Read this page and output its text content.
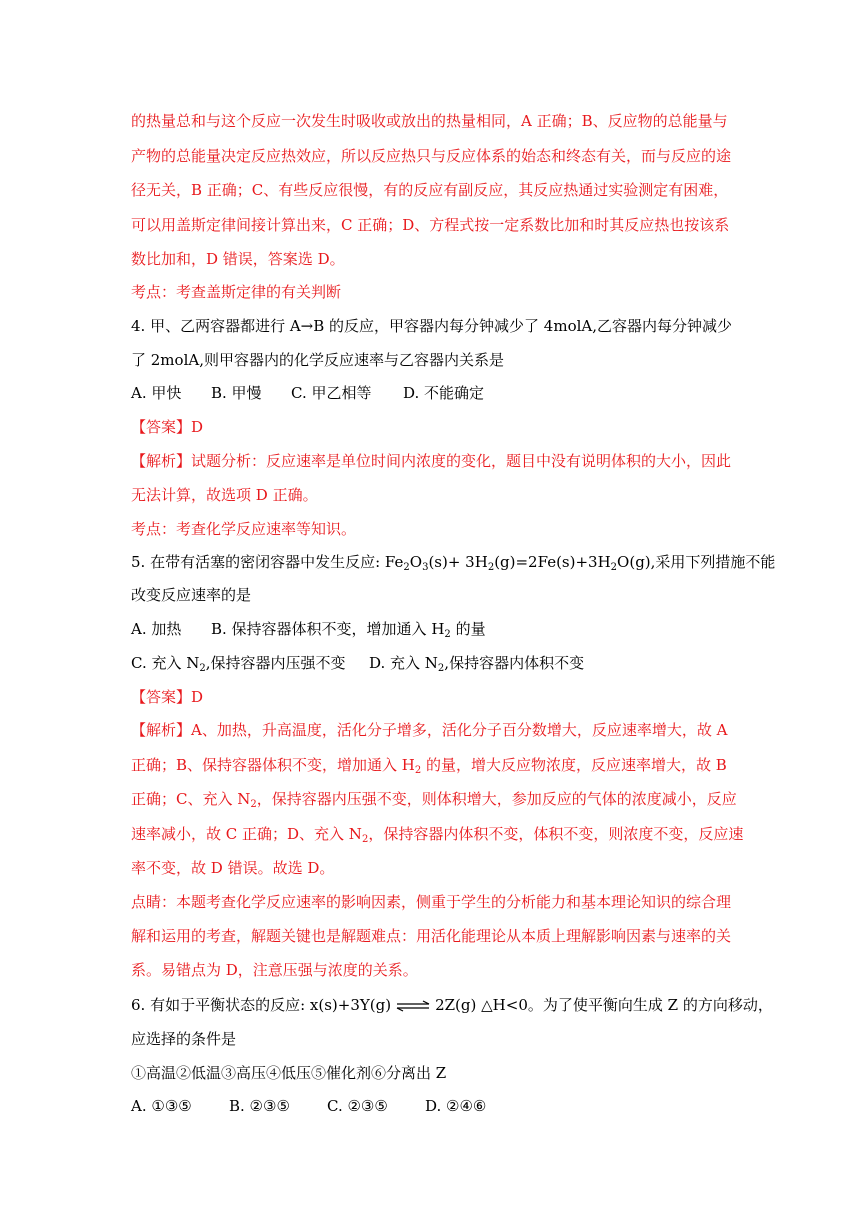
的热量总和与这个反应一次发生时吸收或放出的热量相同，A 正确；B、反应物的总能量与
产物的总能量决定反应热效应，所以反应热只与反应体系的始态和终态有关，而与反应的途
径无关，B 正确；C、有些反应很慢，有的反应有副反应，其反应热通过实验测定有困难，
可以用盖斯定律间接计算出来，C 正确；D、方程式按一定系数比加和时其反应热也按该系
数比加和，D 错误，答案选 D。
考点：考查盖斯定律的有关判断
4. 甲、乙两容器都进行 A→B 的反应，甲容器内每分钟减少了 4molA,乙容器内每分钟减少
了 2molA,则甲容器内的化学反应速率与乙容器内关系是
A. 甲快 B. 甲慢 C. 甲乙相等 D. 不能确定
【答案】D
【解析】试题分析：反应速率是单位时间内浓度的变化，题目中没有说明体积的大小，因此
无法计算，故选项 D 正确。
考点：考查化学反应速率等知识。
5. 在带有活塞的密闭容器中发生反应: $Fe_2O_3(s)+ 3H_2(g)=2Fe(s)+3H_2O(g)$,采用下列措施不能
改变反应速率的是
A. 加热 B. 保持容器体积不变，增加通入 $H_2$ 的量
C. 充入 $N_2$,保持容器内压强不变 D. 充入 $N_2$,保持容器内体积不变
【答案】D
【解析】A、加热，升高温度，活化分子增多，活化分子百分数增大，反应速率增大，故 A
正确；B、保持容器体积不变，增加通入 $H_2$ 的量，增大反应物浓度，反应速率增大，故 B
正确；C、充入 $N_2$，保持容器内压强不变，则体积增大，参加反应的气体的浓度减小，反应
速率减小，故 C 正确；D、充入 $N_2$，保持容器内体积不变，体积不变，则浓度不变，反应速
率不变，故 D 错误。故选 D。
点睛：本题考查化学反应速率的影响因素，侧重于学生的分析能力和基本理论知识的综合理
解和运用的考查，解题关键也是解题难点：用活化能理论从本质上理解影响因素与速率的关
系。易错点为 D，注意压强与浓度的关系。
6. 有如于平衡状态的反应: x(s)+3Y(g) ⇌ 2Z(g) △H<0。为了使平衡向生成 Z 的方向移动，
应选择的条件是
①高温②低温③高压④低压⑤催化剂⑥分离出 Z
A. ①③⑤ B. ②③⑤ C. ②③⑤ D. ②④⑥
